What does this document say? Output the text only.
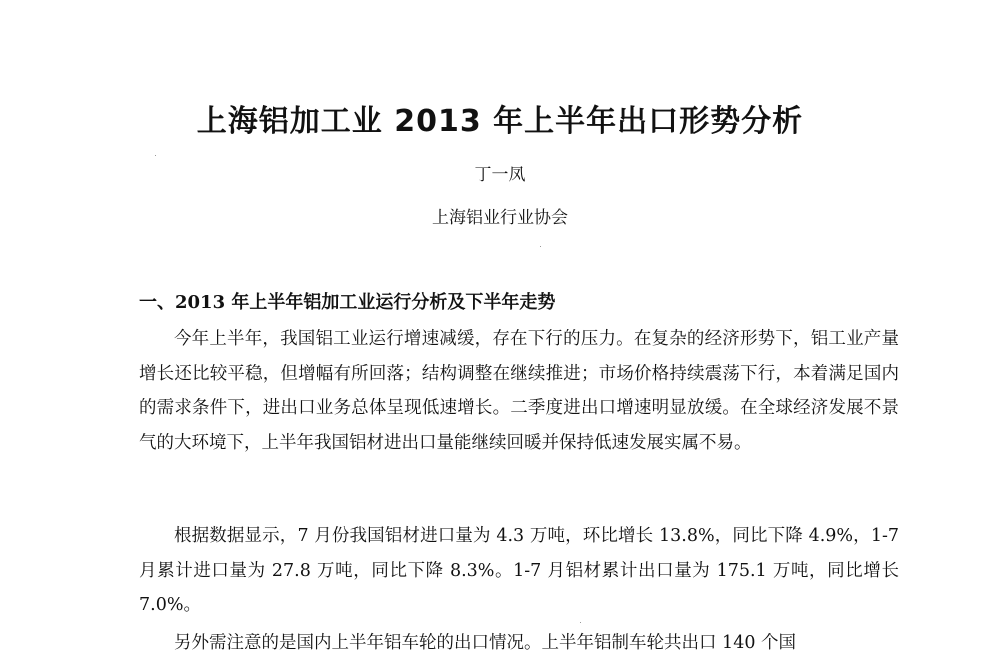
上海铝加工业 2013 年上半年出口形势分析
丁一凤
上海铝业行业协会
一、2013 年上半年铝加工业运行分析及下半年走势

今年上半年，我国铝工业运行增速减缓，存在下行的压力。在复杂的经济形势下，铝工业产量增长还比较平稳，但增幅有所回落；结构调整在继续推进；市场价格持续震荡下行，本着满足国内的需求条件下，进出口业务总体呈现低速增长。二季度进出口增速明显放缓。在全球经济发展不景气的大环境下，上半年我国铝材进出口量能继续回暖并保持低速发展实属不易。

根据数据显示，7 月份我国铝材进口量为 4.3 万吨，环比增长 13.8%，同比下降 4.9%，1-7 月累计进口量为 27.8 万吨，同比下降 8.3%。1-7 月铝材累计出口量为 175.1 万吨，同比增长 7.0%。

另外需注意的是国内上半年铝车轮的出口情况。上半年铝制车轮共出口 140 个国
